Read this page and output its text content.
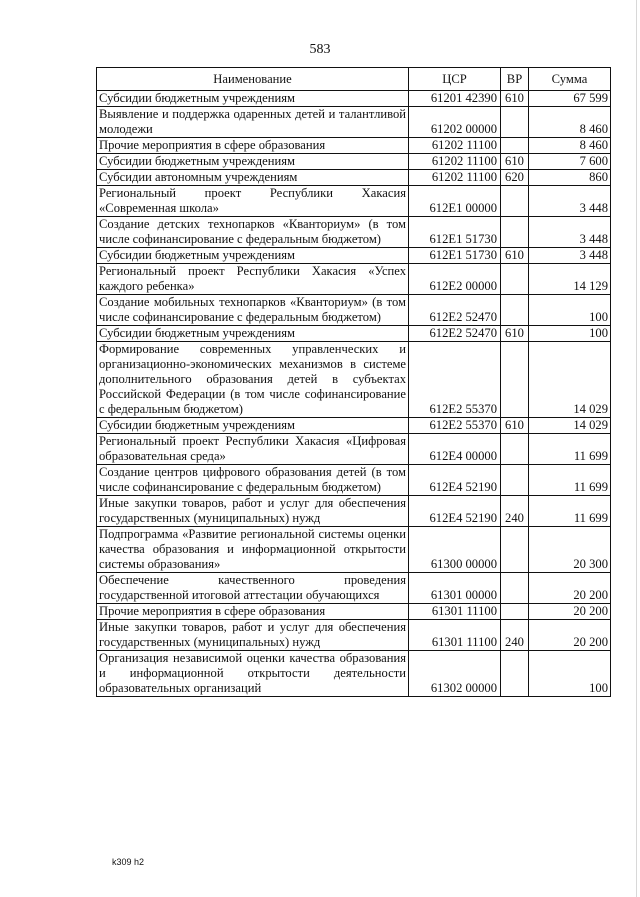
583
Наименование	ЦСР	ВР	Сумма
Субсидии бюджетным учреждениям	61201 42390	610	67 599
Выявление и поддержка одаренных детей и талантливой молодежи	61202 00000		8 460
Прочие мероприятия в сфере образования	61202 11100		8 460
Субсидии бюджетным учреждениям	61202 11100	610	7 600
Субсидии автономным учреждениям	61202 11100	620	860
Региональный проект Республики Хакасия «Современная школа»	612E1 00000		3 448
Создание детских технопарков «Кванториум» (в том числе софинансирование с федеральным бюджетом)	612E1 51730		3 448
Субсидии бюджетным учреждениям	612E1 51730	610	3 448
Региональный проект Республики Хакасия «Успех каждого ребенка»	612E2 00000		14 129
Создание мобильных технопарков «Кванториум» (в том числе софинансирование с федеральным бюджетом)	612E2 52470		100
Субсидии бюджетным учреждениям	612E2 52470	610	100
Формирование современных управленческих и организационно-экономических механизмов в системе дополнительного образования детей в субъектах Российской Федерации (в том числе софинансирование с федеральным бюджетом)	612E2 55370		14 029
Субсидии бюджетным учреждениям	612E2 55370	610	14 029
Региональный проект Республики Хакасия «Цифровая образовательная среда»	612E4 00000		11 699
Создание центров цифрового образования детей (в том числе софинансирование с федеральным бюджетом)	612E4 52190		11 699
Иные закупки товаров, работ и услуг для обеспечения государственных (муниципальных) нужд	612E4 52190	240	11 699
Подпрограмма «Развитие региональной системы оценки качества образования и информационной открытости системы образования»	61300 00000		20 300
Обеспечение качественного проведения государственной итоговой аттестации обучающихся	61301 00000		20 200
Прочие мероприятия в сфере образования	61301 11100		20 200
Иные закупки товаров, работ и услуг для обеспечения государственных (муниципальных) нужд	61301 11100	240	20 200
Организация независимой оценки качества образования и информационной открытости деятельности образовательных организаций	61302 00000		100
k309 h2
